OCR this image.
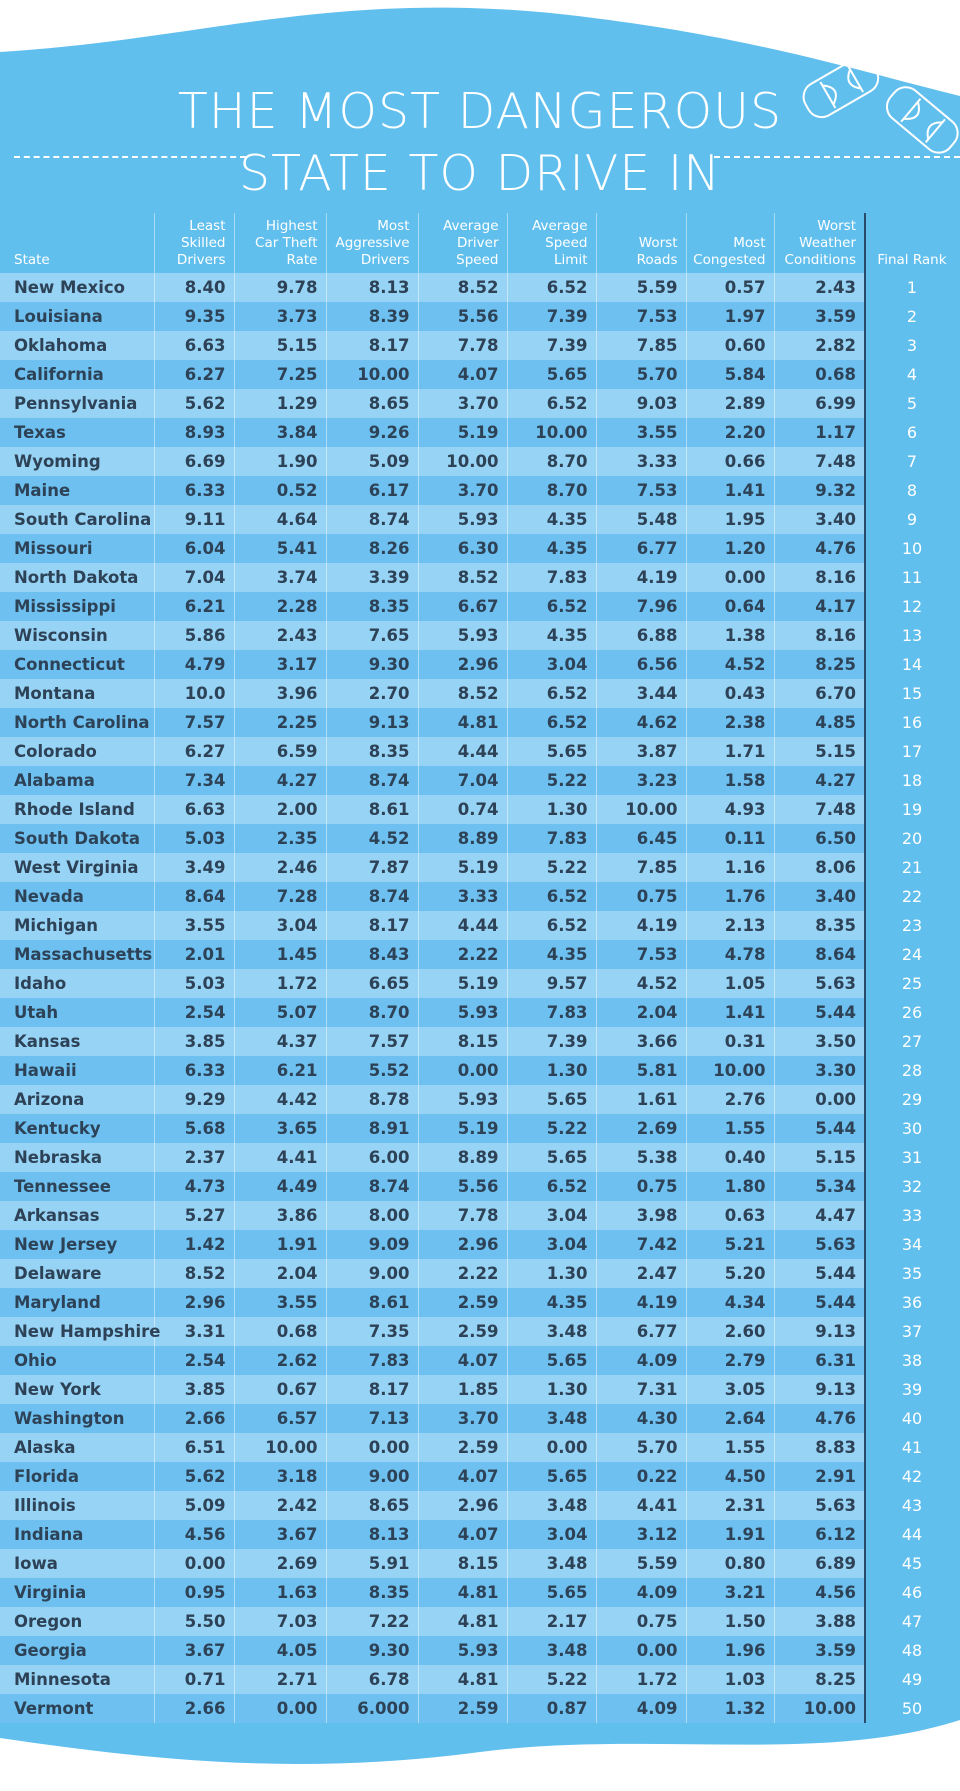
THE MOST DANGEROUS
STATE TO DRIVE IN
State	Least
Skilled
Drivers	Highest
Car Theft
Rate	Most
Aggressive
Drivers	Average
Driver
Speed	Average
Speed
Limit	Worst
Roads	Most
Congested	Worst
Weather
Conditions	Final Rank
New Mexico	8.40	9.78	8.13	8.52	6.52	5.59	0.57	2.43	1
Louisiana	9.35	3.73	8.39	5.56	7.39	7.53	1.97	3.59	2
Oklahoma	6.63	5.15	8.17	7.78	7.39	7.85	0.60	2.82	3
California	6.27	7.25	10.00	4.07	5.65	5.70	5.84	0.68	4
Pennsylvania	5.62	1.29	8.65	3.70	6.52	9.03	2.89	6.99	5
Texas	8.93	3.84	9.26	5.19	10.00	3.55	2.20	1.17	6
Wyoming	6.69	1.90	5.09	10.00	8.70	3.33	0.66	7.48	7
Maine	6.33	0.52	6.17	3.70	8.70	7.53	1.41	9.32	8
South Carolina	9.11	4.64	8.74	5.93	4.35	5.48	1.95	3.40	9
Missouri	6.04	5.41	8.26	6.30	4.35	6.77	1.20	4.76	10
North Dakota	7.04	3.74	3.39	8.52	7.83	4.19	0.00	8.16	11
Mississippi	6.21	2.28	8.35	6.67	6.52	7.96	0.64	4.17	12
Wisconsin	5.86	2.43	7.65	5.93	4.35	6.88	1.38	8.16	13
Connecticut	4.79	3.17	9.30	2.96	3.04	6.56	4.52	8.25	14
Montana	10.0	3.96	2.70	8.52	6.52	3.44	0.43	6.70	15
North Carolina	7.57	2.25	9.13	4.81	6.52	4.62	2.38	4.85	16
Colorado	6.27	6.59	8.35	4.44	5.65	3.87	1.71	5.15	17
Alabama	7.34	4.27	8.74	7.04	5.22	3.23	1.58	4.27	18
Rhode Island	6.63	2.00	8.61	0.74	1.30	10.00	4.93	7.48	19
South Dakota	5.03	2.35	4.52	8.89	7.83	6.45	0.11	6.50	20
West Virginia	3.49	2.46	7.87	5.19	5.22	7.85	1.16	8.06	21
Nevada	8.64	7.28	8.74	3.33	6.52	0.75	1.76	3.40	22
Michigan	3.55	3.04	8.17	4.44	6.52	4.19	2.13	8.35	23
Massachusetts	2.01	1.45	8.43	2.22	4.35	7.53	4.78	8.64	24
Idaho	5.03	1.72	6.65	5.19	9.57	4.52	1.05	5.63	25
Utah	2.54	5.07	8.70	5.93	7.83	2.04	1.41	5.44	26
Kansas	3.85	4.37	7.57	8.15	7.39	3.66	0.31	3.50	27
Hawaii	6.33	6.21	5.52	0.00	1.30	5.81	10.00	3.30	28
Arizona	9.29	4.42	8.78	5.93	5.65	1.61	2.76	0.00	29
Kentucky	5.68	3.65	8.91	5.19	5.22	2.69	1.55	5.44	30
Nebraska	2.37	4.41	6.00	8.89	5.65	5.38	0.40	5.15	31
Tennessee	4.73	4.49	8.74	5.56	6.52	0.75	1.80	5.34	32
Arkansas	5.27	3.86	8.00	7.78	3.04	3.98	0.63	4.47	33
New Jersey	1.42	1.91	9.09	2.96	3.04	7.42	5.21	5.63	34
Delaware	8.52	2.04	9.00	2.22	1.30	2.47	5.20	5.44	35
Maryland	2.96	3.55	8.61	2.59	4.35	4.19	4.34	5.44	36
New Hampshire	3.31	0.68	7.35	2.59	3.48	6.77	2.60	9.13	37
Ohio	2.54	2.62	7.83	4.07	5.65	4.09	2.79	6.31	38
New York	3.85	0.67	8.17	1.85	1.30	7.31	3.05	9.13	39
Washington	2.66	6.57	7.13	3.70	3.48	4.30	2.64	4.76	40
Alaska	6.51	10.00	0.00	2.59	0.00	5.70	1.55	8.83	41
Florida	5.62	3.18	9.00	4.07	5.65	0.22	4.50	2.91	42
Illinois	5.09	2.42	8.65	2.96	3.48	4.41	2.31	5.63	43
Indiana	4.56	3.67	8.13	4.07	3.04	3.12	1.91	6.12	44
Iowa	0.00	2.69	5.91	8.15	3.48	5.59	0.80	6.89	45
Virginia	0.95	1.63	8.35	4.81	5.65	4.09	3.21	4.56	46
Oregon	5.50	7.03	7.22	4.81	2.17	0.75	1.50	3.88	47
Georgia	3.67	4.05	9.30	5.93	3.48	0.00	1.96	3.59	48
Minnesota	0.71	2.71	6.78	4.81	5.22	1.72	1.03	8.25	49
Vermont	2.66	0.00	6.000	2.59	0.87	4.09	1.32	10.00	50
